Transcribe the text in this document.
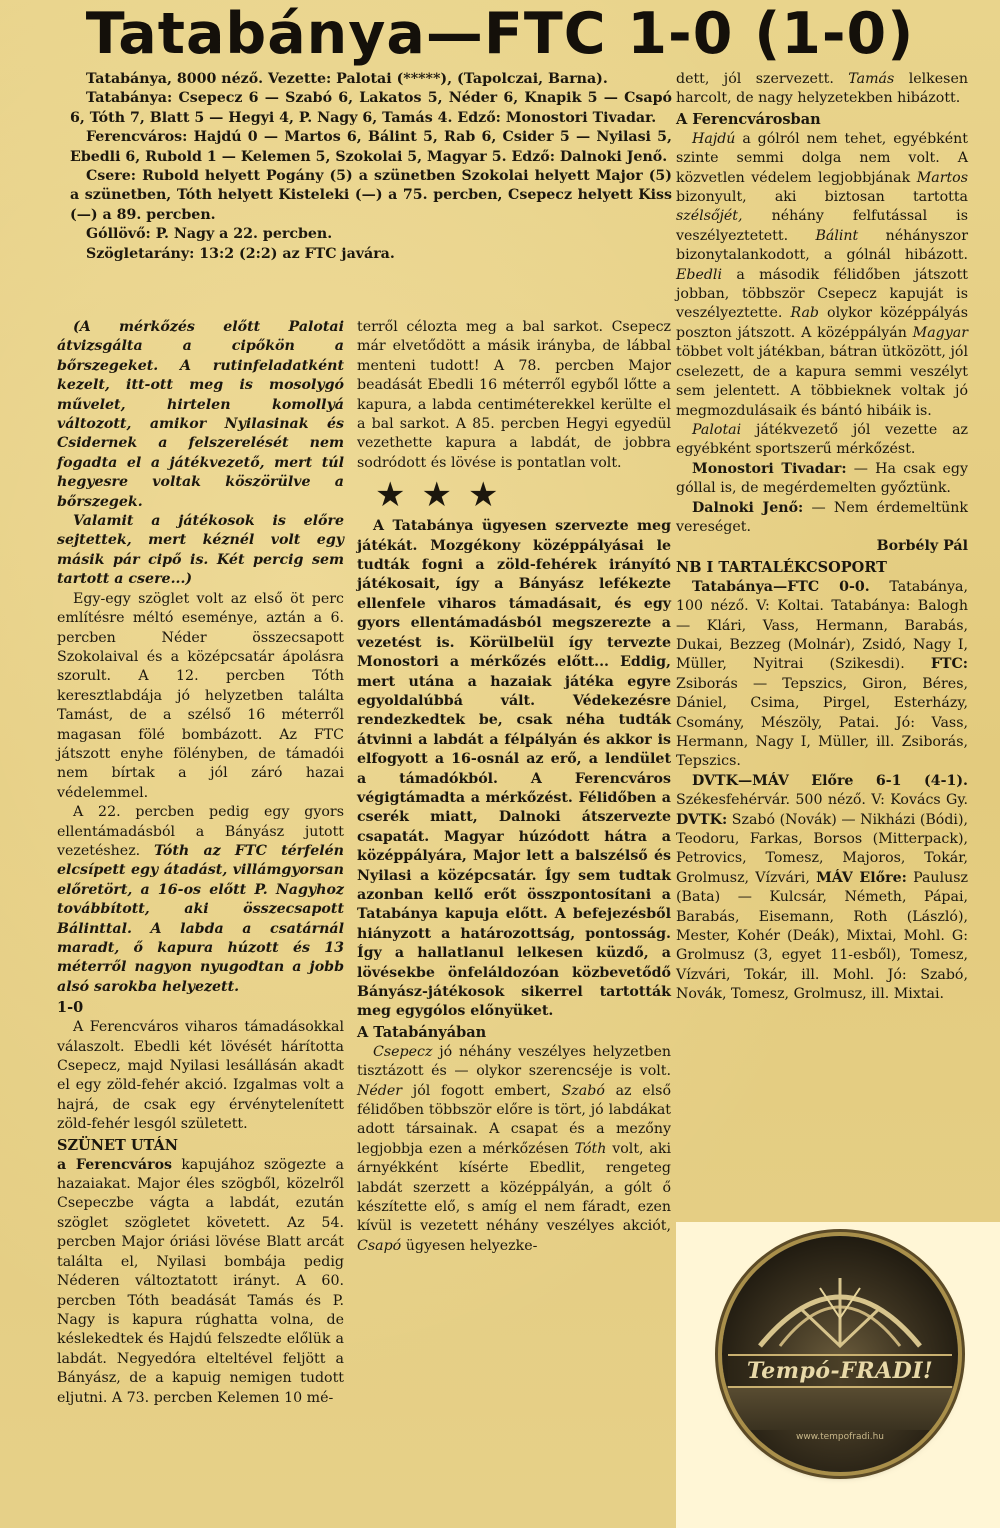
Tatabánya—FTC 1-0 (1-0)

Tatabánya, 8000 néző. Vezette: Palotai (*****), (Tapolczai, Barna).

Tatabánya: Csepecz 6 — Szabó 6, Lakatos 5, Néder 6, Knapik 5 — Csapó 6, Tóth 7, Blatt 5 — Hegyi 4, P. Nagy 6, Tamás 4. Edző: Monostori Tivadar.

Ferencváros: Hajdú 0 — Martos 6, Bálint 5, Rab 6, Csider 5 — Nyilasi 5, Ebedli 6, Rubold 1 — Kelemen 5, Szokolai 5, Magyar 5. Edző: Dalnoki Jenő.

Csere: Rubold helyett Pogány (5) a szünetben Szokolai helyett Major (5) a szünetben, Tóth helyett Kisteleki (—) a 75. percben, Csepecz helyett Kiss (—) a 89. percben.

Góllövő: P. Nagy a 22. percben.

Szögletarány: 13:2 (2:2) az FTC javára.

(A mérkőzés előtt Palotai átvizsgálta a cipőkön a bőrszegeket. A rutinfeladatként kezelt, itt-ott meg is mosolygó művelet, hirtelen komollyá változott, amikor Nyilasinak és Csidernek a felszerelését nem fogadta el a játékvezető, mert túl hegyesre voltak köszörülve a bőrszegek.

Valamit a játékosok is előre sejtettek, mert kéznél volt egy másik pár cipő is. Két percig sem tartott a csere...)

Egy-egy szöglet volt az első öt perc említésre méltó eseménye, aztán a 6. percben Néder összecsapott Szokolaival és a középcsatár ápolásra szorult. A 12. percben Tóth keresztlabdája jó helyzetben találta Tamást, de a szélső 16 méterről magasan fölé bombázott. Az FTC játszott enyhe fölényben, de támadói nem bírtak a jól záró hazai védelemmel.

A 22. percben pedig egy gyors ellentámadásból a Bányász jutott vezetéshez. Tóth az FTC térfelén elcsípett egy átadást, villámgyorsan előretört, a 16-os előtt P. Nagyhoz továbbított, aki összecsapott Bálinttal. A labda a csatárnál maradt, ő kapura húzott és 13 méterről nagyon nyugodtan a jobb alsó sarokba helyezett.

1-0

A Ferencváros viharos támadásokkal válaszolt. Ebedli két lövését hárította Csepecz, majd Nyilasi lesállásán akadt el egy zöld-fehér akció. Izgalmas volt a hajrá, de csak egy érvénytelenített zöld-fehér lesgól született.

SZÜNET UTÁN

a Ferencváros kapujához szögezte a hazaiakat. Major éles szögből, közelről Csepeczbe vágta a labdát, ezután szöglet szögletet követett. Az 54. percben Major óriási lövése Blatt arcát találta el, Nyilasi bombája pedig Néderen változtatott irányt. A 60. percben Tóth beadását Tamás és P. Nagy is kapura rúghatta volna, de késlekedtek és Hajdú felszedte előlük a labdát. Negyedóra elteltével feljött a Bányász, de a kapuig nemigen tudott eljutni. A 73. percben Kelemen 10 mé-

terről célozta meg a bal sarkot. Csepecz már elvetődött a másik irányba, de lábbal menteni tudott! A 78. percben Major beadását Ebedli 16 méterről egyből lőtte a kapura, a labda centiméterekkel kerülte el a bal sarkot. A 85. percben Hegyi egyedül vezethette kapura a labdát, de jobbra sodródott és lövése is pontatlan volt.

★★★

A Tatabánya ügyesen szervezte meg játékát. Mozgékony középpályásai le tudták fogni a zöld-fehérek irányító játékosait, így a Bányász lefékezte ellenfele viharos támadásait, és egy gyors ellentámadásból megszerezte a vezetést is. Körülbelül így tervezte Monostori a mérkőzés előtt... Eddig, mert utána a hazaiak játéka egyre egyoldalúbbá vált. Védekezésre rendezkedtek be, csak néha tudták átvinni a labdát a félpályán és akkor is elfogyott a 16-osnál az erő, a lendület a támadókból. A Ferencváros végigtámadta a mérkőzést. Félidőben a cserék miatt, Dalnoki átszervezte csapatát. Magyar húzódott hátra a középpályára, Major lett a balszélső és Nyilasi a középcsatár. Így sem tudtak azonban kellő erőt összpontosítani a Tatabánya kapuja előtt. A befejezésből hiányzott a határozottság, pontosság. Így a hallatlanul lelkesen küzdő, a lövésekbe önfeláldozóan közbevetődő Bányász-játékosok sikerrel tartották meg egygólos előnyüket.

A Tatabányában

Csepecz jó néhány veszélyes helyzetben tisztázott és — olykor szerencséje is volt. Néder jól fogott embert, Szabó az első félidőben többször előre is tört, jó labdákat adott társainak. A csapat és a mezőny legjobbja ezen a mérkőzésen Tóth volt, aki árnyékként kísérte Ebedlit, rengeteg labdát szerzett a középpályán, a gólt ő készítette elő, s amíg el nem fáradt, ezen kívül is vezetett néhány veszélyes akciót, Csapó ügyesen helyezke-

dett, jól szervezett. Tamás lelkesen harcolt, de nagy helyzetekben hibázott.

A Ferencvárosban

Hajdú a gólról nem tehet, egyébként szinte semmi dolga nem volt. A közvetlen védelem legjobbjának Martos bizonyult, aki biztosan tartotta szélsőjét, néhány felfutással is veszélyeztetett. Bálint néhányszor bizonytalankodott, a gólnál hibázott. Ebedli a második félidőben játszott jobban, többször Csepecz kapuját is veszélyeztette. Rab olykor középpályás poszton játszott. A középpályán Magyar többet volt játékban, bátran ütközött, jól cselezett, de a kapura semmi veszélyt sem jelentett. A többieknek voltak jó megmozdulásaik és bántó hibáik is.

Palotai játékvezető jól vezette az egyébként sportszerű mérkőzést.

Monostori Tivadar: — Ha csak egy góllal is, de megérdemelten győztünk.

Dalnoki Jenő: — Nem érdemeltünk vereséget.

Borbély Pál

NB I TARTALÉKCSOPORT

Tatabánya—FTC 0-0. Tatabánya, 100 néző. V: Koltai. Tatabánya: Balogh — Klári, Vass, Hermann, Barabás, Dukai, Bezzeg (Molnár), Zsidó, Nagy I, Müller, Nyitrai (Szikesdi). FTC: Zsiborás — Tepszics, Giron, Béres, Dániel, Csima, Pirgel, Esterházy, Csomány, Mészöly, Patai. Jó: Vass, Hermann, Nagy I, Müller, ill. Zsiborás, Tepszics.

DVTK—MÁV Előre 6-1 (4-1). Székesfehérvár. 500 néző. V: Kovács Gy. DVTK: Szabó (Novák) — Nikházi (Bódi), Teodoru, Farkas, Borsos (Mitterpack), Petrovics, Tomesz, Majoros, Tokár, Grolmusz, Vízvári, MÁV Előre: Paulusz (Bata) — Kulcsár, Németh, Pápai, Barabás, Eisemann, Roth (László), Mester, Kohér (Deák), Mixtai, Mohl. G: Grolmusz (3, egyet 11-esből), Tomesz, Vízvári, Tokár, ill. Mohl. Jó: Szabó, Novák, Tomesz, Grolmusz, ill. Mixtai.

Tempó-FRADI!
www.tempofradi.hu
